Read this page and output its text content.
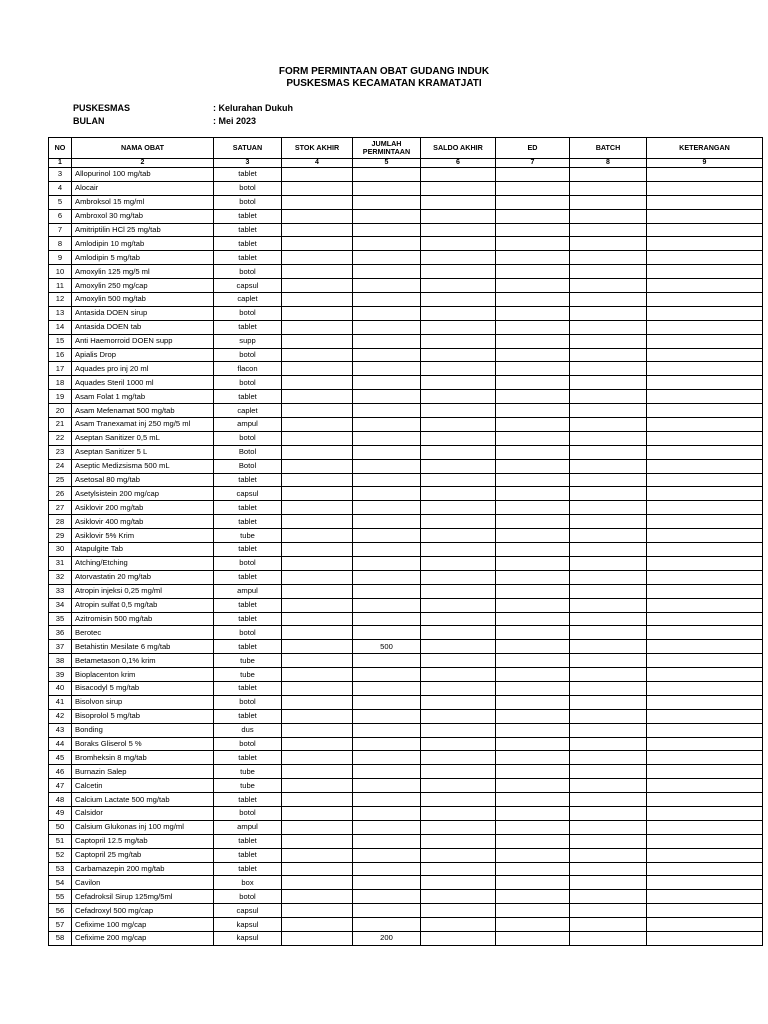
FORM PERMINTAAN OBAT GUDANG INDUK
PUSKESMAS KECAMATAN KRAMATJATI
PUSKESMAS	: Kelurahan Dukuh
BULAN	: Mei 2023
NO	NAMA OBAT	SATUAN	STOK AKHIR	JUMLAH PERMINTAAN	SALDO AKHIR	ED	BATCH	KETERANGAN
1	2	3	4	5	6	7	8	9
3	Allopurinol 100 mg/tab	tablet						
4	Alocair	botol						
5	Ambroksol 15 mg/ml	botol						
6	Ambroxol 30 mg/tab	tablet						
7	Amitriptilin HCl 25 mg/tab	tablet						
8	Amlodipin 10 mg/tab	tablet						
9	Amlodipin 5 mg/tab	tablet						
10	Amoxylin 125 mg/5 ml	botol						
11	Amoxylin 250 mg/cap	capsul						
12	Amoxylin 500 mg/tab	caplet						
13	Antasida DOEN sirup	botol						
14	Antasida DOEN tab	tablet						
15	Anti Haemorroid DOEN supp	supp						
16	Apialis Drop	botol						
17	Aquades pro inj 20 ml	flacon						
18	Aquades Steril 1000 ml	botol						
19	Asam Folat 1 mg/tab	tablet						
20	Asam Mefenamat 500 mg/tab	caplet						
21	Asam Tranexamat inj 250 mg/5 ml	ampul						
22	Aseptan Sanitizer 0,5 mL	botol						
23	Aseptan Sanitizer 5 L	Botol						
24	Aseptic Medizsisma 500 mL	Botol						
25	Asetosal 80 mg/tab	tablet						
26	Asetylsistein 200 mg/cap	capsul						
27	Asiklovir 200 mg/tab	tablet						
28	Asiklovir 400 mg/tab	tablet						
29	Asiklovir 5% Krim	tube						
30	Atapulgite Tab	tablet						
31	Atching/Etching	botol						
32	Atorvastatin 20 mg/tab	tablet						
33	Atropin injeksi 0,25 mg/ml	ampul						
34	Atropin sulfat 0,5 mg/tab	tablet						
35	Azitromisin 500 mg/tab	tablet						
36	Berotec	botol						
37	Betahistin Mesilate 6 mg/tab	tablet		500				
38	Betametason 0,1% krim	tube						
39	Bioplacenton krim	tube						
40	Bisacodyl 5 mg/tab	tablet						
41	Bisolvon sirup	botol						
42	Bisoprolol 5 mg/tab	tablet						
43	Bonding	dus						
44	Boraks Gliserol 5 %	botol						
45	Bromheksin 8 mg/tab	tablet						
46	Burnazin Salep	tube						
47	Calcetin	tube						
48	Calcium Lactate 500 mg/tab	tablet						
49	Calsidor	botol						
50	Calsium Glukonas inj 100 mg/ml	ampul						
51	Captopril 12.5 mg/tab	tablet						
52	Captopril 25 mg/tab	tablet						
53	Carbamazepin 200 mg/tab	tablet						
54	Cavilon	box						
55	Cefadroksil Sirup 125mg/5ml	botol						
56	Cefadroxyl 500 mg/cap	capsul						
57	Cefixime 100 mg/cap	kapsul						
58	Cefixime 200 mg/cap	kapsul		200				
